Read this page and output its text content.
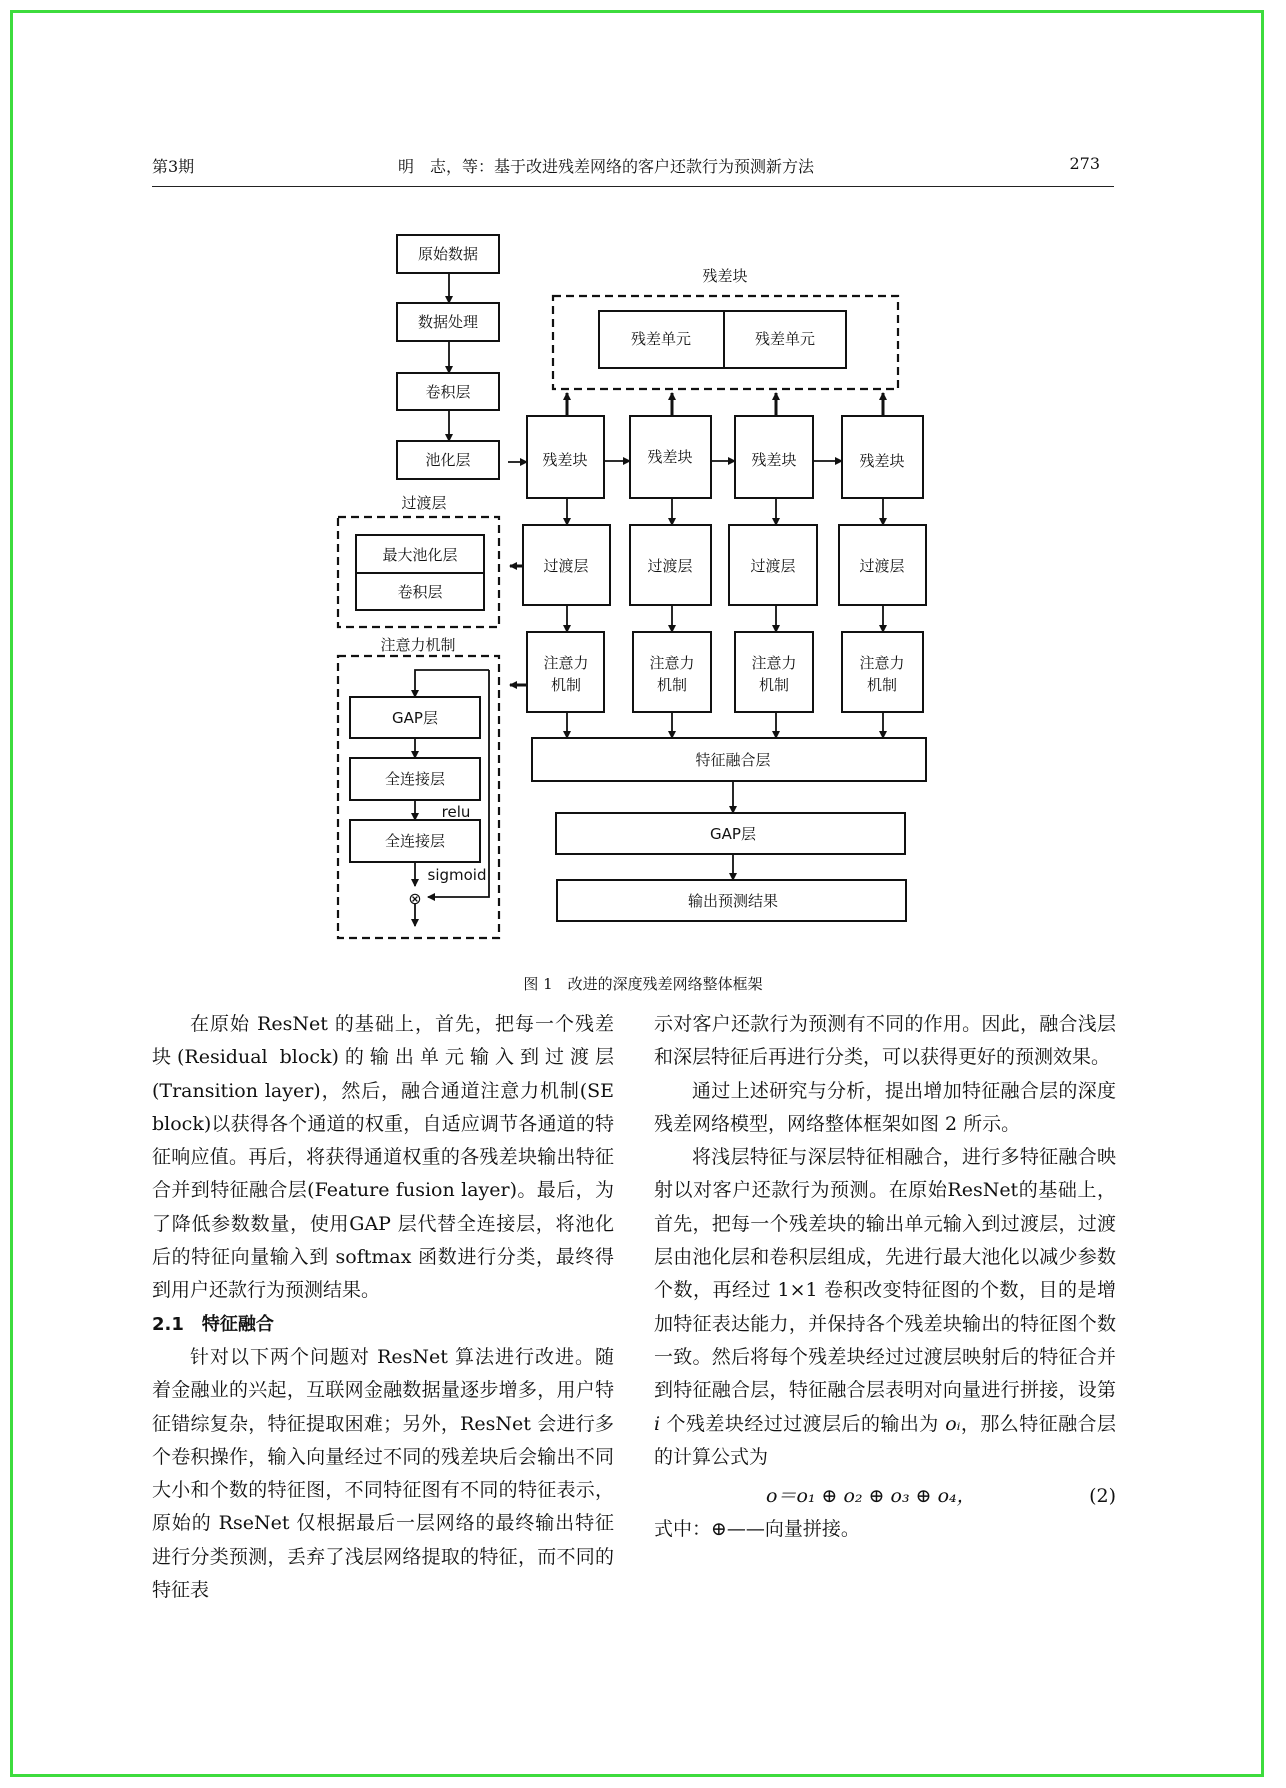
第3期	明　志，等：基于改进残差网络的客户还款行为预测新方法	273
原始数据
数据处理
卷积层
池化层
残差块
残差单元	残差单元
残差块	残差块	残差块	残差块
过渡层
最大池化层
卷积层
过渡层	过渡层	过渡层	过渡层
注意力机制
GAP层
全连接层
全连接层
relu
sigmoid
⊗
注意力
机制
注意力
机制
注意力
机制
注意力
机制
特征融合层
GAP层
输出预测结果
图 1　改进的深度残差网络整体框架

在原始 ResNet 的基础上，首先，把每一个残差块(Residual block)的输出单元输入到过渡层(Transition layer)，然后，融合通道注意力机制(SE block)以获得各个通道的权重，自适应调节各通道的特征响应值。再后，将获得通道权重的各残差块输出特征合并到特征融合层(Feature fusion layer)。最后，为了降低参数数量，使用GAP 层代替全连接层，将池化后的特征向量输入到 softmax 函数进行分类，最终得到用户还款行为预测结果。

2.1　特征融合

针对以下两个问题对 ResNet 算法进行改进。随着金融业的兴起，互联网金融数据量逐步增多，用户特征错综复杂，特征提取困难；另外，ResNet 会进行多个卷积操作，输入向量经过不同的残差块后会输出不同大小和个数的特征图，不同特征图有不同的特征表示，原始的 RseNet 仅根据最后一层网络的最终输出特征进行分类预测，丢弃了浅层网络提取的特征，而不同的特征表

示对客户还款行为预测有不同的作用。因此，融合浅层和深层特征后再进行分类，可以获得更好的预测效果。

通过上述研究与分析，提出增加特征融合层的深度残差网络模型，网络整体框架如图 2 所示。

将浅层特征与深层特征相融合，进行多特征融合映射以对客户还款行为预测。在原始ResNet的基础上，首先，把每一个残差块的输出单元输入到过渡层，过渡层由池化层和卷积层组成，先进行最大池化以减少参数个数，再经过 1×1 卷积改变特征图的个数，目的是增加特征表达能力，并保持各个残差块输出的特征图个数一致。然后将每个残差块经过过渡层映射后的特征合并到特征融合层，特征融合层表明对向量进行拼接，设第 i 个残差块经过过渡层后的输出为 oᵢ，那么特征融合层的计算公式为

o＝o₁ ⊕ o₂ ⊕ o₃ ⊕ o₄，	(2)

式中：⊕——向量拼接。
